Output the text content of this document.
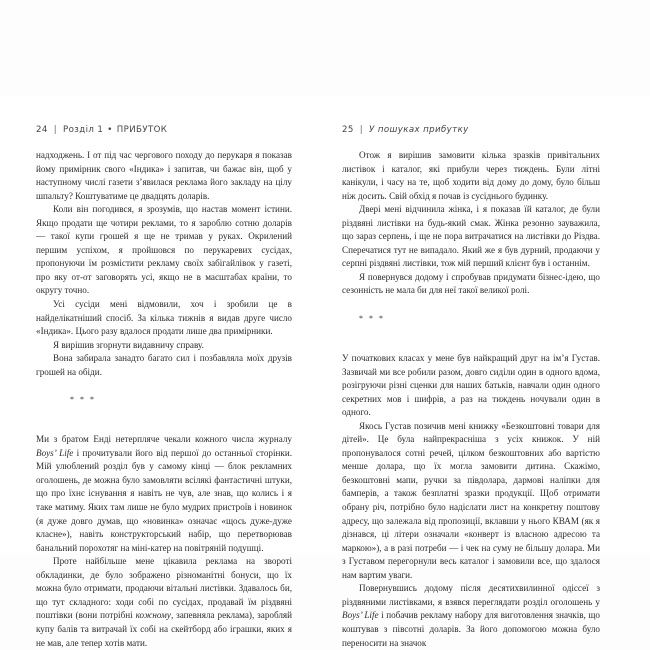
24 | Розділ 1 • ПРИБУТОК

надходжень. І от під час чергового походу до перукаря я показав йому примірник свого «Індика» і запитав, чи бажає він, щоб у наступному числі газети з’явилася реклама його закладу на цілу шпальту? Коштуватиме це двадцять доларів.

Коли він погодився, я зрозумів, що настав момент істини. Якщо продати ще чотири реклами, то я зароблю сотню доларів — такої купи грошей я ще не тримав у руках. Окрилений першим успіхом, я пройшовся по перукаревих сусідах, пропонуючи їм розмістити рекламу своїх забігайлівок у газеті, про яку от-от заговорять усі, якщо не в масштабах країни, то округу точно.

Усі сусіди мені відмовили, хоч і зробили це в найделікатніший спосіб. За кілька тижнів я видав друге число «Індика». Цього разу вдалося продати лише два примірники.

Я вирішив згорнути видавничу справу.

Вона забирала занадто багато сил і позбавляла моїх друзів грошей на обіди.

* * *

Ми з братом Енді нетерпляче чекали кожного числа журналу Boys’ Life і прочитували його від першої до останньої сторінки. Мій улюблений розділ був у самому кінці — блок рекламних оголошень, де можна було замовляти всілякі фантастичні штуки, що про їхнє існування я навіть не чув, але знав, що колись і я таке матиму. Яких там лише не було мудрих пристроїв і новинок (я дуже довго думав, що «новинка» означає «щось дуже-дуже класне»), навіть конструкторський набір, що перетворював банальний порохотяг на міні-катер на повітряній подушці.

Проте найбільше мене цікавила реклама на звороті обкладинки, де було зображено різноманітні бонуси, що їх можна було отримати, продаючи вітальні листівки. Здавалось би, що тут складного: ходи собі по сусідах, продавай їм різдвяні поштівки (вони потрібні кожному, запевняла реклама), заробляй купу балів та витрачай їх собі на скейтборд або іграшки, яких я не мав, але тепер хотів мати.

25 | У пошуках прибутку

Отож я вирішив замовити кілька зразків привітальних листівок і каталог, які прибули через тиждень. Були літні канікули, і часу на те, щоб ходити від дому до дому, було більш ніж досить. Свій обхід я почав із сусіднього будинку.

Двері мені відчинила жінка, і я показав їй каталог, де були різдвяні листівки на будь-який смак. Жінка резонно зауважила, що зараз серпень, і ще не пора витрачатися на листівки до Різдва. Сперечатися тут не випадало. Який же я був дурний, продаючи у серпні різдвяні листівки, тож мій перший клієнт був і останнім.

Я повернувся додому і спробував придумати бізнес-ідею, що сезонність не мала би для неї такої великої ролі.

* * *

У початкових класах у мене був найкращий друг на ім’я Густав. Зазвичай ми все робили разом, довго сиділи один в одного вдома, розігруючи різні сценки для наших батьків, навчали один одного секретних мов і шифрів, а раз на тиждень ночували один в одного.

Якось Густав позичив мені книжку «Безкоштовні товари для дітей». Це була найпрекрасніша з усіх книжок. У ній пропонувалося сотні речей, цілком безкоштовних або вартістю менше долара, що їх могла замовити дитина. Скажімо, безкоштовні мапи, ручки за півдолара, дармові наліпки для бамперів, а також безплатні зразки продукції. Щоб отримати обрану річ, потрібно було надіслати лист на конкретну поштову адресу, що залежала від пропозиції, вклавши у нього КВАМ (як я дізнався, ці літери означали «конверт із власною адресою та маркою»), а в разі потреби — і чек на суму не більшу долара. Ми з Густавом перегорнули весь каталог і замовили все, що здалося нам вартим уваги.

Повернувшись додому після десятихвилинної одіссеї з різдвяними листівками, я взявся переглядати розділ оголошень у Boys’ Life і побачив рекламу набору для виготовлення значків, що коштував з півсотні доларів. За його допомогою можна було переносити на значок
